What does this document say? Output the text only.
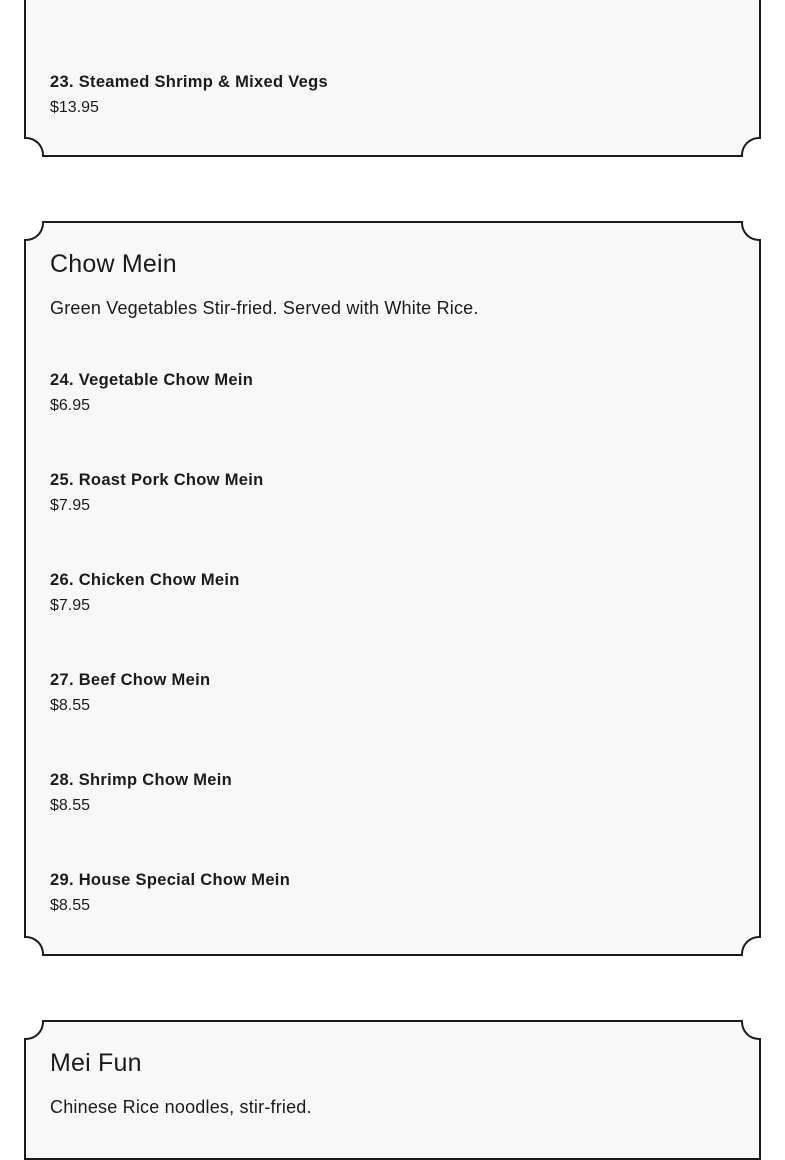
23. Steamed Shrimp & Mixed Vegs
$13.95
Chow Mein

Green Vegetables Stir-fried. Served with White Rice.

24. Vegetable Chow Mein
$6.95
25. Roast Pork Chow Mein
$7.95
26. Chicken Chow Mein
$7.95
27. Beef Chow Mein
$8.55
28. Shrimp Chow Mein
$8.55
29. House Special Chow Mein
$8.55
Mei Fun

Chinese Rice noodles, stir-fried.
